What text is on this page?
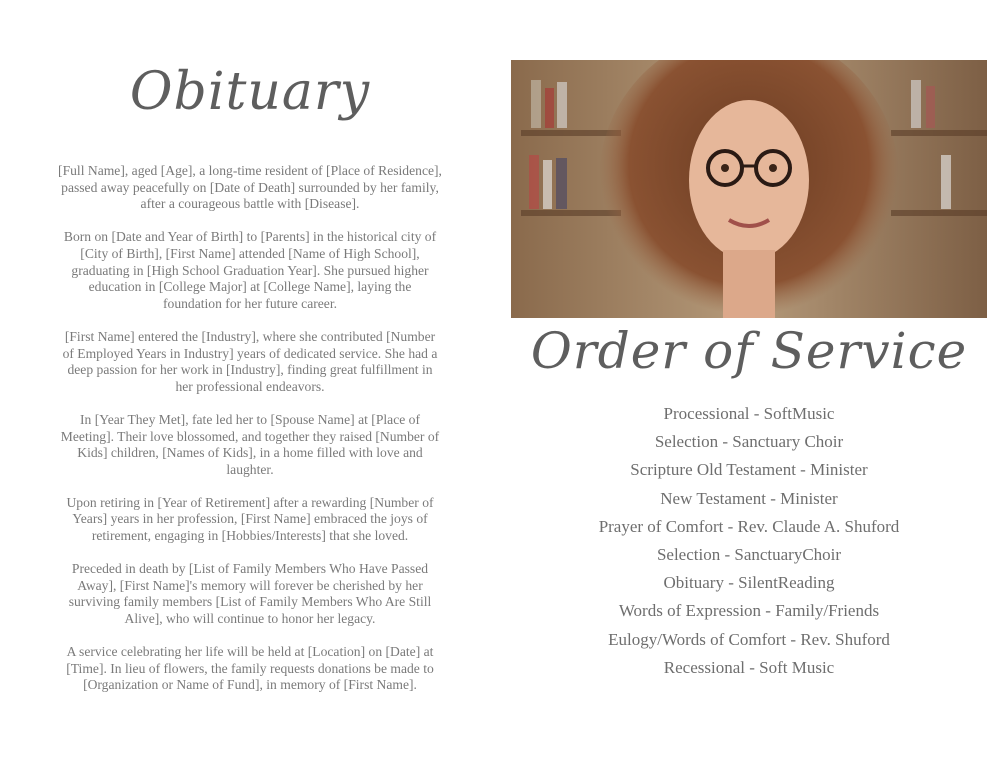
Obituary

[Full Name], aged [Age], a long-time resident of [Place of Residence], passed away peacefully on [Date of Death] surrounded by her family, after a courageous battle with [Disease].

Born on [Date and Year of Birth] to [Parents] in the historical city of [City of Birth], [First Name] attended [Name of High School], graduating in [High School Graduation Year]. She pursued higher education in [College Major] at [College Name], laying the foundation for her future career.

[First Name] entered the [Industry], where she contributed [Number of Employed Years in Industry] years of dedicated service. She had a deep passion for her work in [Industry], finding great fulfillment in her professional endeavors.

In [Year They Met], fate led her to [Spouse Name] at [Place of Meeting]. Their love blossomed, and together they raised [Number of Kids] children, [Names of Kids], in a home filled with love and laughter.

Upon retiring in [Year of Retirement] after a rewarding [Number of Years] years in her profession, [First Name] embraced the joys of retirement, engaging in [Hobbies/Interests] that she loved.

Preceded in death by [List of Family Members Who Have Passed Away], [First Name]'s memory will forever be cherished by her surviving family members [List of Family Members Who Are Still Alive], who will continue to honor her legacy.

A service celebrating her life will be held at [Location] on [Date] at [Time]. In lieu of flowers, the family requests donations be made to [Organization or Name of Fund], in memory of [First Name].

Order of Service
Processional - SoftMusic
Selection - Sanctuary Choir
Scripture Old Testament - Minister
New Testament - Minister
Prayer of Comfort - Rev. Claude A. Shuford
Selection - SanctuaryChoir
Obituary - SilentReading
Words of Expression - Family/Friends
Eulogy/Words of Comfort - Rev. Shuford
Recessional - Soft Music
